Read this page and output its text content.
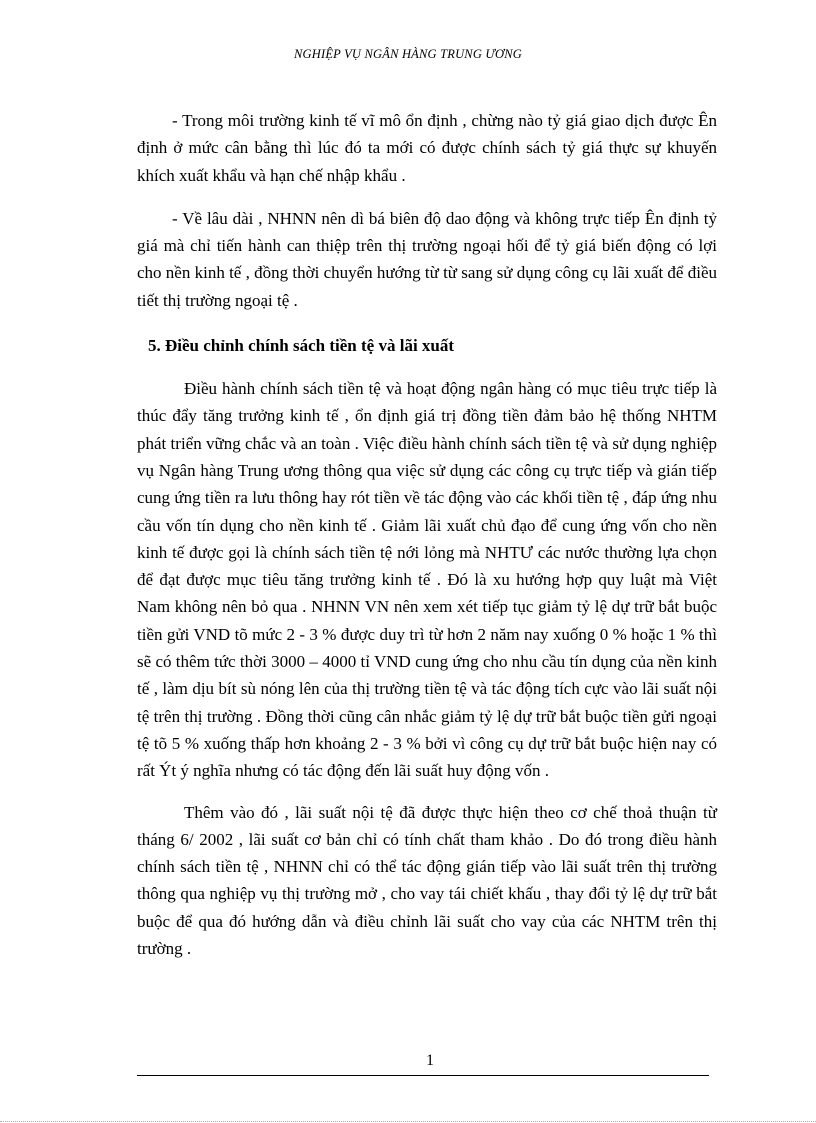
NGHIỆP VỤ NGÂN HÀNG TRUNG ƯƠNG

- Trong môi trường kinh tế vĩ mô ổn định , chừng nào tỷ giá giao dịch được Ên định ở mức cân bằng thì lúc đó ta mới có được chính sách tỷ giá thực sự khuyến khích xuất khẩu và hạn chế nhập khẩu .

- Về lâu dài , NHNN nên dì bá biên độ dao động và không trực tiếp Ên định tỷ giá mà chỉ tiến hành can thiệp trên thị trường ngoại hối để tỷ giá biến động có lợi cho nền kinh tế , đồng thời chuyển hướng từ từ sang sử dụng công cụ lãi xuất để điều tiết thị trường ngoại tệ .

5. Điều chỉnh chính sách tiền tệ và lãi xuất

Điều hành chính sách tiền tệ và hoạt động ngân hàng có mục tiêu trực tiếp là thúc đẩy tăng trưởng kinh tế , ổn định giá trị đồng tiền đảm bảo hệ thống NHTM phát triển vững chắc và an toàn . Việc điều hành chính sách tiền tệ và sử dụng nghiệp vụ Ngân hàng Trung ương thông qua việc sử dụng các công cụ trực tiếp và gián tiếp cung ứng tiền ra lưu thông hay rót tiền về tác động vào các khối tiền tệ , đáp ứng nhu cầu vốn tín dụng cho nền kinh tế . Giảm lãi xuất chủ đạo để cung ứng vốn cho nền kinh tế được gọi là chính sách tiền tệ nới lỏng mà NHTƯ các nước thường lựa chọn để đạt được mục tiêu tăng trưởng kinh tế . Đó là xu hướng hợp quy luật mà Việt Nam không nên bỏ qua . NHNN VN nên xem xét tiếp tục giảm tỷ lệ dự trữ bắt buộc tiền gửi VND tõ mức 2 - 3 % được duy trì từ hơn 2 năm nay xuống 0 % hoặc 1 % thì sẽ có thêm tức thời 3000 – 4000 tỉ VND cung ứng cho nhu cầu tín dụng của nền kinh tế , làm dịu bít sù nóng lên của thị trường tiền tệ và tác động tích cực vào lãi suất nội tệ trên thị trường . Đồng thời cũng cân nhắc giảm tỷ lệ dự trữ bắt buộc tiền gửi ngoại tệ tõ 5 % xuống thấp hơn khoảng 2 - 3 % bởi vì công cụ dự trữ bắt buộc hiện nay có rất Ýt ý nghĩa nhưng có tác động đến lãi suất huy động vốn .

Thêm vào đó , lãi suất nội tệ đã được thực hiện theo cơ chế thoả thuận từ tháng 6/ 2002 , lãi suất cơ bản chỉ có tính chất tham khảo . Do đó trong điều hành chính sách tiền tệ , NHNN chỉ có thể tác động gián tiếp vào lãi suất trên thị trường thông qua nghiệp vụ thị trường mở , cho vay tái chiết khấu , thay đổi tỷ lệ dự trữ bắt buộc để qua đó hướng dẫn và điều chỉnh lãi suất cho vay của các NHTM trên thị trường .

1
